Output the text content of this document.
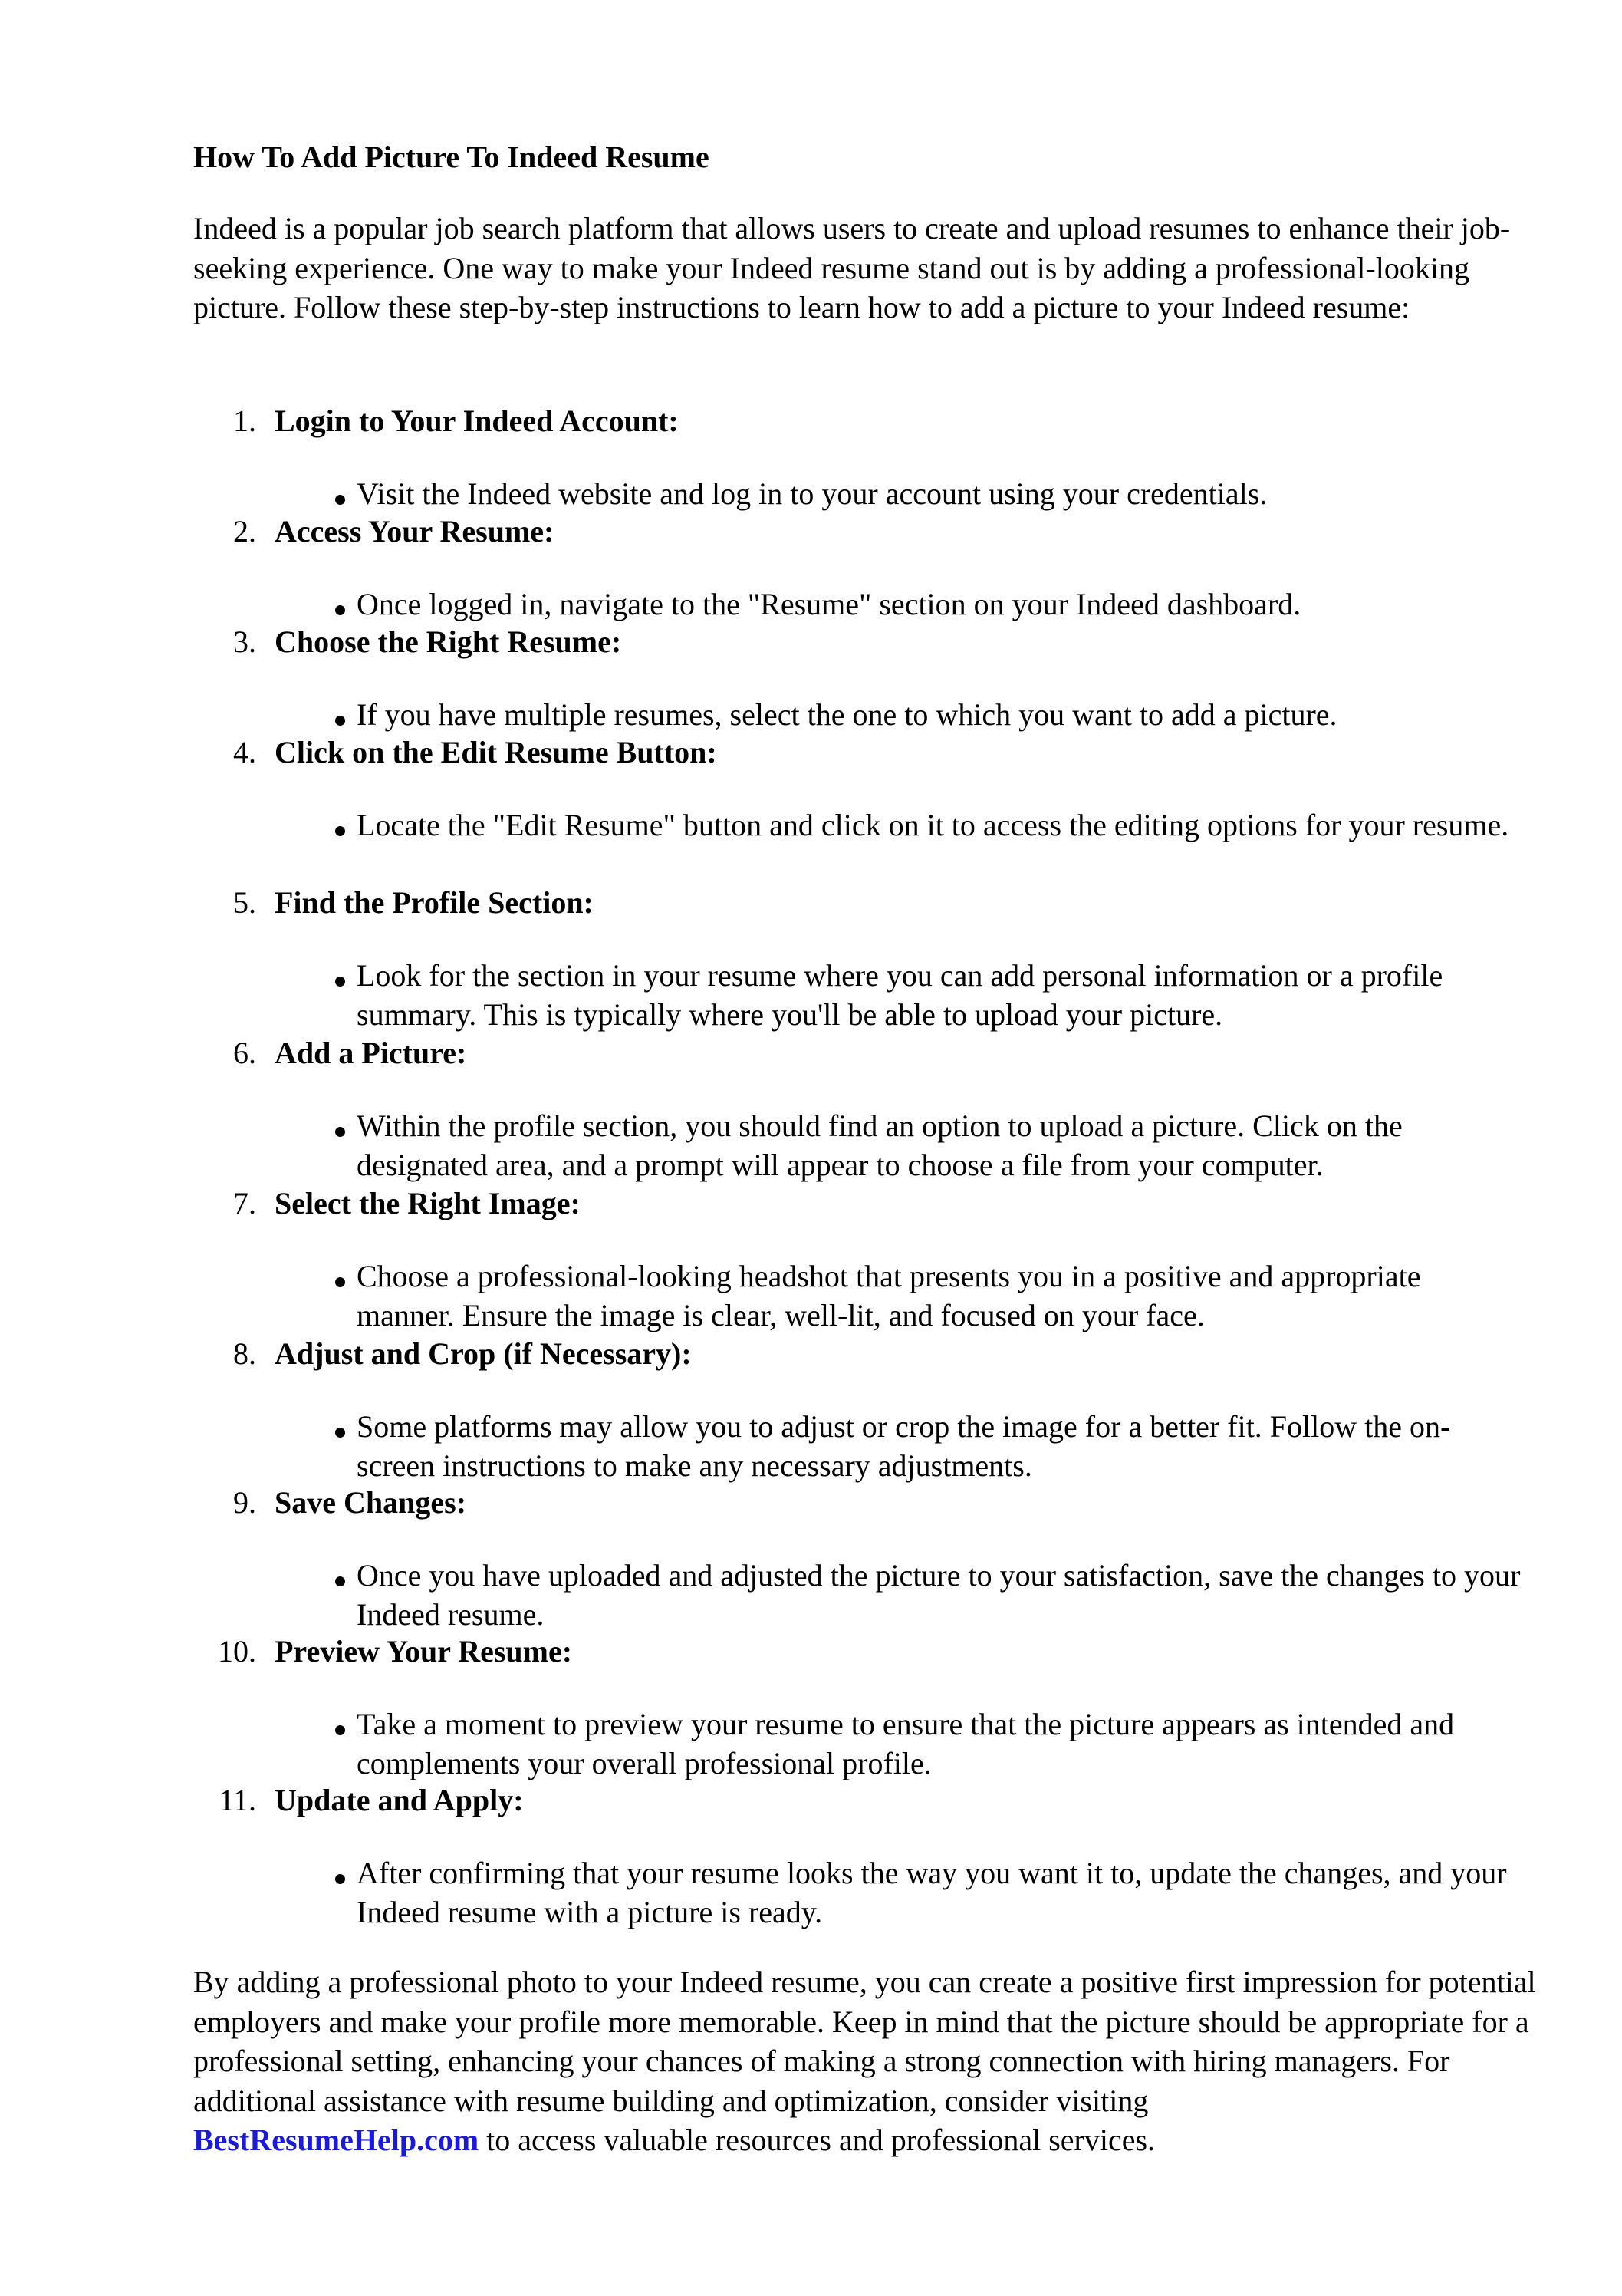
How To Add Picture To Indeed Resume
Indeed is a popular job search platform that allows users to create and upload resumes to enhance their job-seeking experience. One way to make your Indeed resume stand out is by adding a professional-looking picture. Follow these step-by-step instructions to learn how to add a picture to your Indeed resume:
1. Login to Your Indeed Account:
Visit the Indeed website and log in to your account using your credentials.
2. Access Your Resume:
Once logged in, navigate to the "Resume" section on your Indeed dashboard.
3. Choose the Right Resume:
If you have multiple resumes, select the one to which you want to add a picture.
4. Click on the Edit Resume Button:
Locate the "Edit Resume" button and click on it to access the editing options for your resume.
5. Find the Profile Section:
Look for the section in your resume where you can add personal information or a profile summary. This is typically where you'll be able to upload your picture.
6. Add a Picture:
Within the profile section, you should find an option to upload a picture. Click on the designated area, and a prompt will appear to choose a file from your computer.
7. Select the Right Image:
Choose a professional-looking headshot that presents you in a positive and appropriate manner. Ensure the image is clear, well-lit, and focused on your face.
8. Adjust and Crop (if Necessary):
Some platforms may allow you to adjust or crop the image for a better fit. Follow the on-screen instructions to make any necessary adjustments.
9. Save Changes:
Once you have uploaded and adjusted the picture to your satisfaction, save the changes to your Indeed resume.
10. Preview Your Resume:
Take a moment to preview your resume to ensure that the picture appears as intended and complements your overall professional profile.
11. Update and Apply:
After confirming that your resume looks the way you want it to, update the changes, and your Indeed resume with a picture is ready.
By adding a professional photo to your Indeed resume, you can create a positive first impression for potential employers and make your profile more memorable. Keep in mind that the picture should be appropriate for a professional setting, enhancing your chances of making a strong connection with hiring managers. For additional assistance with resume building and optimization, consider visiting
BestResumeHelp.com to access valuable resources and professional services.
